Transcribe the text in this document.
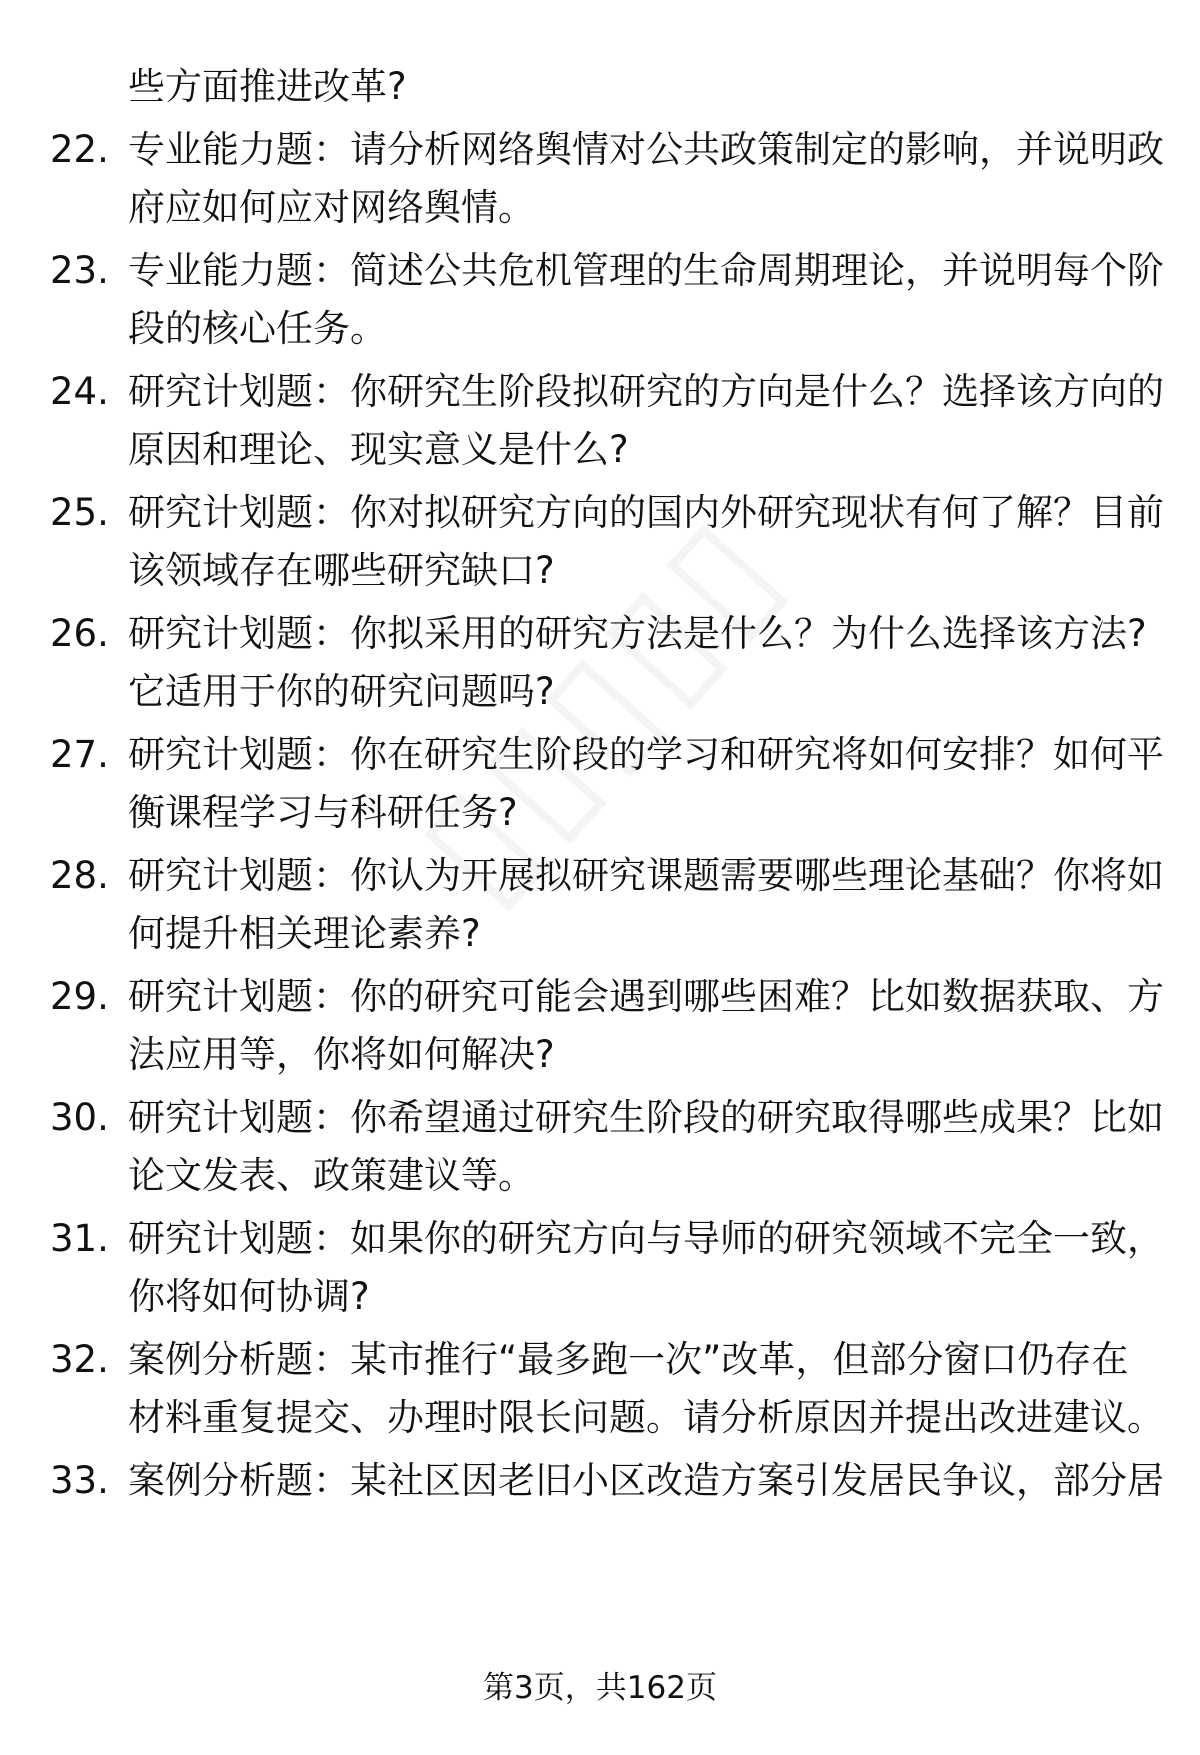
些方面推进改革?
22. 专业能力题：请分析网络舆情对公共政策制定的影响，并说明政
府应如何应对网络舆情。
23. 专业能力题：简述公共危机管理的生命周期理论，并说明每个阶
段的核心任务。
24. 研究计划题：你研究生阶段拟研究的方向是什么？选择该方向的
原因和理论、现实意义是什么?
25. 研究计划题：你对拟研究方向的国内外研究现状有何了解？目前
该领域存在哪些研究缺口?
26. 研究计划题：你拟采用的研究方法是什么？为什么选择该方法?
它适用于你的研究问题吗?
27. 研究计划题：你在研究生阶段的学习和研究将如何安排？如何平
衡课程学习与科研任务?
28. 研究计划题：你认为开展拟研究课题需要哪些理论基础？你将如
何提升相关理论素养?
29. 研究计划题：你的研究可能会遇到哪些困难？比如数据获取、方
法应用等，你将如何解决?
30. 研究计划题：你希望通过研究生阶段的研究取得哪些成果？比如
论文发表、政策建议等。
31. 研究计划题：如果你的研究方向与导师的研究领域不完全一致，
你将如何协调?
32. 案例分析题：某市推行“最多跑一次”改革，但部分窗口仍存在
材料重复提交、办理时限长问题。请分析原因并提出改进建议。
33. 案例分析题：某社区因老旧小区改造方案引发居民争议，部分居
第3页，共162页
